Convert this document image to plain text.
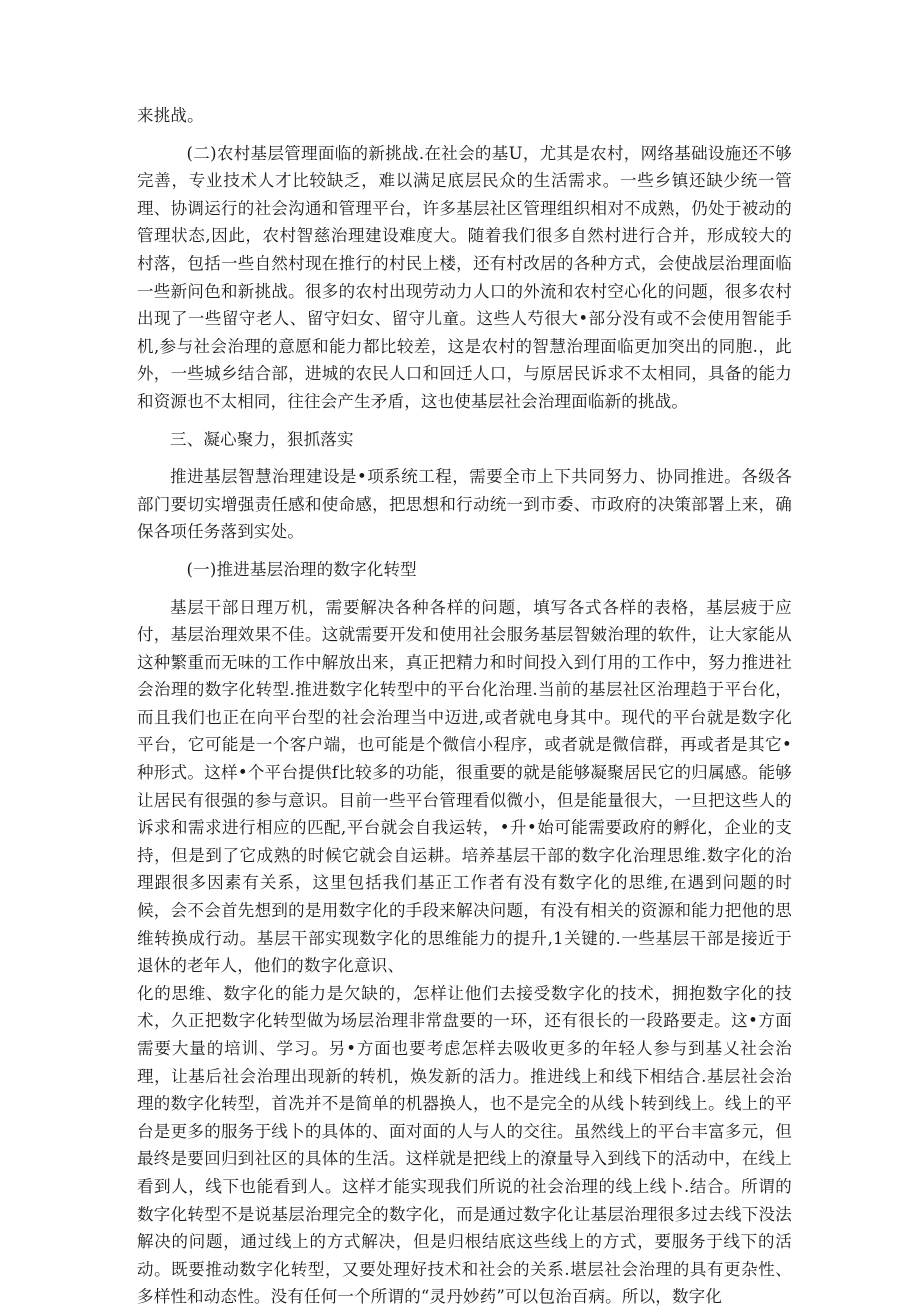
来挑战。

(二)农村基层管理面临的新挑战.在社会的基U，尤其是农村，网络基础设施还不够完善，专业技术人才比较缺乏，难以满足底层民众的生活需求。一些乡镇还缺少统一管理、协调运行的社会沟通和管理平台，许多基层社区管理组织相对不成熟，仍处于被动的管理状态,因此，农村智慈治理建设难度大。随着我们很多自然村进行合并，形成较大的村落，包括一些自然村现在推行的村民上楼，还有村改居的各种方式，会使战层治理面临一些新问色和新挑战。很多的农村出现劳动力人口的外流和农村空心化的问题，很多农村出现了一些留守老人、留守妇女、留守儿童。这些人芍很大•部分没有或不会使用智能手机,参与社会治理的意愿和能力都比较差，这是农村的智慧治理面临更加突出的同胞.，此外，一些城乡结合部，进城的农民人口和回迁人口，与原居民诉求不太相同，具备的能力和资源也不太相同，往往会产生矛盾，这也使基层社会治理面临新的挑战。

三、凝心聚力，狠抓落实

推进基层智慧治理建设是•项系统工程，需要全市上下共同努力、协同推进。各级各部门要切实增强责任感和使命感，把思想和行动统一到市委、市政府的决策部署上来，确保各项任务落到实处。

(一)推进基层治理的数字化转型

基层干部日理万机，需要解决各种各样的问题，填写各式各样的表格，基层疲于应付，基层治理效果不佳。这就需要开发和使用社会服务基层智皴治理的软件，让大家能从这种繁重而无味的工作中解放出来，真正把精力和时间投入到仃用的工作中，努力推进社会治理的数字化转型.推进数字化转型中的平台化治理.当前的基层社区治理趋于平台化，而且我们也正在向平台型的社会治理当中迈进,或者就电身其中。现代的平台就是数字化平台，它可能是一个客户端，也可能是个微信小程序，或者就是微信群，再或者是其它•种形式。这样•个平台提供f比较多的功能，很重要的就是能够凝聚居民它的归属感。能够让居民有很强的参与意识。目前一些平台管理看似微小，但是能量很大，一旦把这些人的诉求和需求进行相应的匹配,平台就会自我运转，•升•始可能需要政府的孵化，企业的支持，但是到了它成熟的时候它就会自运耕。培养基层干部的数字化治理思维.数字化的治理跟很多因素有关系，这里包括我们基正工作者有没有数字化的思维,在遇到问题的时候，会不会首先想到的是用数字化的手段来解决问题，有没有相关的资源和能力把他的思维转换成行动。基层干部实现数字化的思维能力的提升,1关键的.一些基层干部是接近于退休的老年人，他们的数字化意识、

化的思维、数字化的能力是欠缺的，怎样让他们去接受数字化的技术，拥抱数字化的技术，久正把数字化转型做为场层治理非常盘要的一环，还有很长的一段路要走。这•方面需要大量的培训、学习。另•方面也要考虑怎样去吸收更多的年轻人参与到基乂社会治理，让基后社会治理出现新的转机，焕发新的活力。推进线上和线下相结合.基层社会治理的数字化转型，首冼并不是简单的机器换人，也不是完全的从线卜转到线上。线上的平台是更多的服务于线卜的具体的、面对面的人与人的交往。虽然线上的平台丰富多元，但最终是要回归到社区的具体的生活。这样就是把线上的潦量导入到线下的活动中，在线上看到人，线下也能看到人。这样才能实现我们所说的社会治理的线上线卜.结合。所谓的数字化转型不是说基层治理完全的数字化，而是通过数字化让基层治理很多过去线下没法解决的问题，通过线上的方式解决，但是归根结底这些线上的方式，要服务于线下的活动。既要推动数字化转型，又要处理好技术和社会的关系.堪层社会治理的具有更杂性、多样性和动态性。没有任何一个所谓的“灵丹妙药”可以包治百病。所以，数字化
